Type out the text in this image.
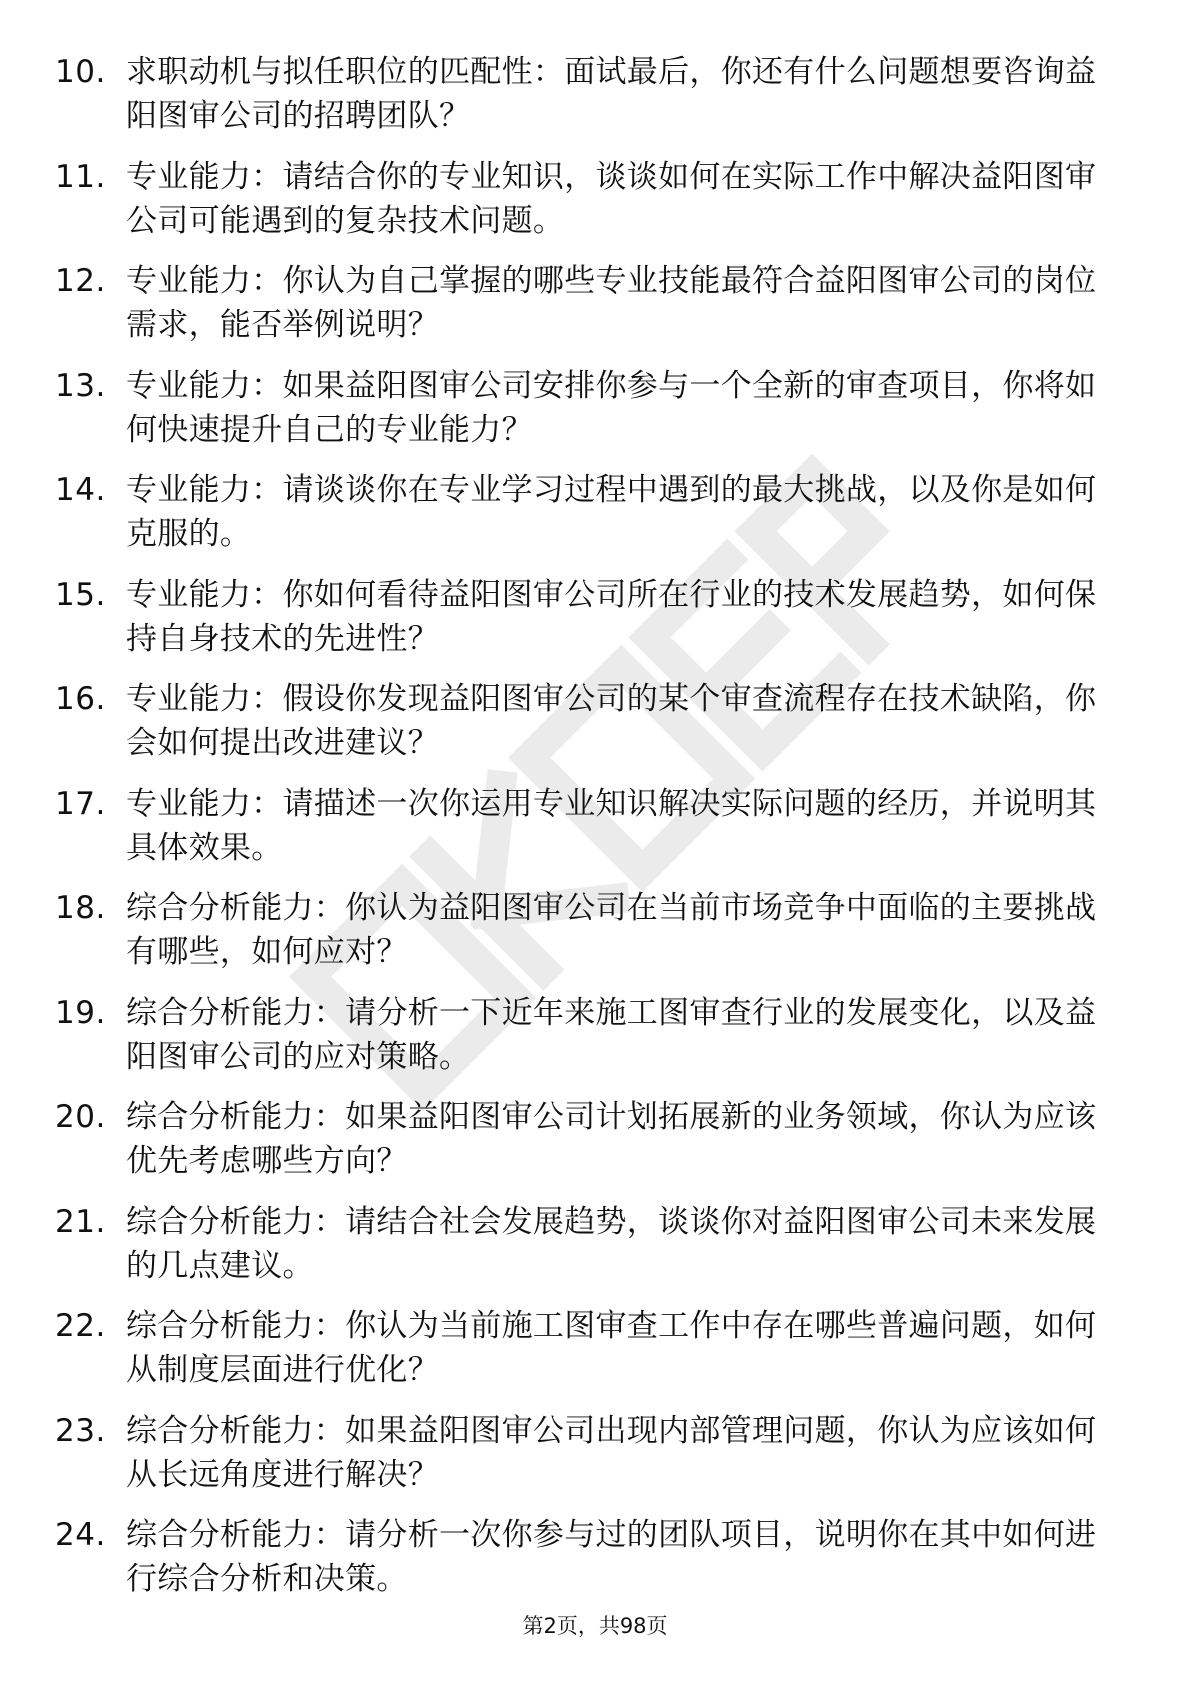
10. 求职动机与拟任职位的匹配性：面试最后，你还有什么问题想要咨询益阳图审公司的招聘团队？
11. 专业能力：请结合你的专业知识，谈谈如何在实际工作中解决益阳图审公司可能遇到的复杂技术问题。
12. 专业能力：你认为自己掌握的哪些专业技能最符合益阳图审公司的岗位需求，能否举例说明？
13. 专业能力：如果益阳图审公司安排你参与一个全新的审查项目，你将如何快速提升自己的专业能力？
14. 专业能力：请谈谈你在专业学习过程中遇到的最大挑战，以及你是如何克服的。
15. 专业能力：你如何看待益阳图审公司所在行业的技术发展趋势，如何保持自身技术的先进性？
16. 专业能力：假设你发现益阳图审公司的某个审查流程存在技术缺陷，你会如何提出改进建议？
17. 专业能力：请描述一次你运用专业知识解决实际问题的经历，并说明其具体效果。
18. 综合分析能力：你认为益阳图审公司在当前市场竞争中面临的主要挑战有哪些，如何应对？
19. 综合分析能力：请分析一下近年来施工图审查行业的发展变化，以及益阳图审公司的应对策略。
20. 综合分析能力：如果益阳图审公司计划拓展新的业务领域，你认为应该优先考虑哪些方向？
21. 综合分析能力：请结合社会发展趋势，谈谈你对益阳图审公司未来发展的几点建议。
22. 综合分析能力：你认为当前施工图审查工作中存在哪些普遍问题，如何从制度层面进行优化？
23. 综合分析能力：如果益阳图审公司出现内部管理问题，你认为应该如何从长远角度进行解决？
24. 综合分析能力：请分析一次你参与过的团队项目，说明你在其中如何进行综合分析和决策。
第2页，共98页
